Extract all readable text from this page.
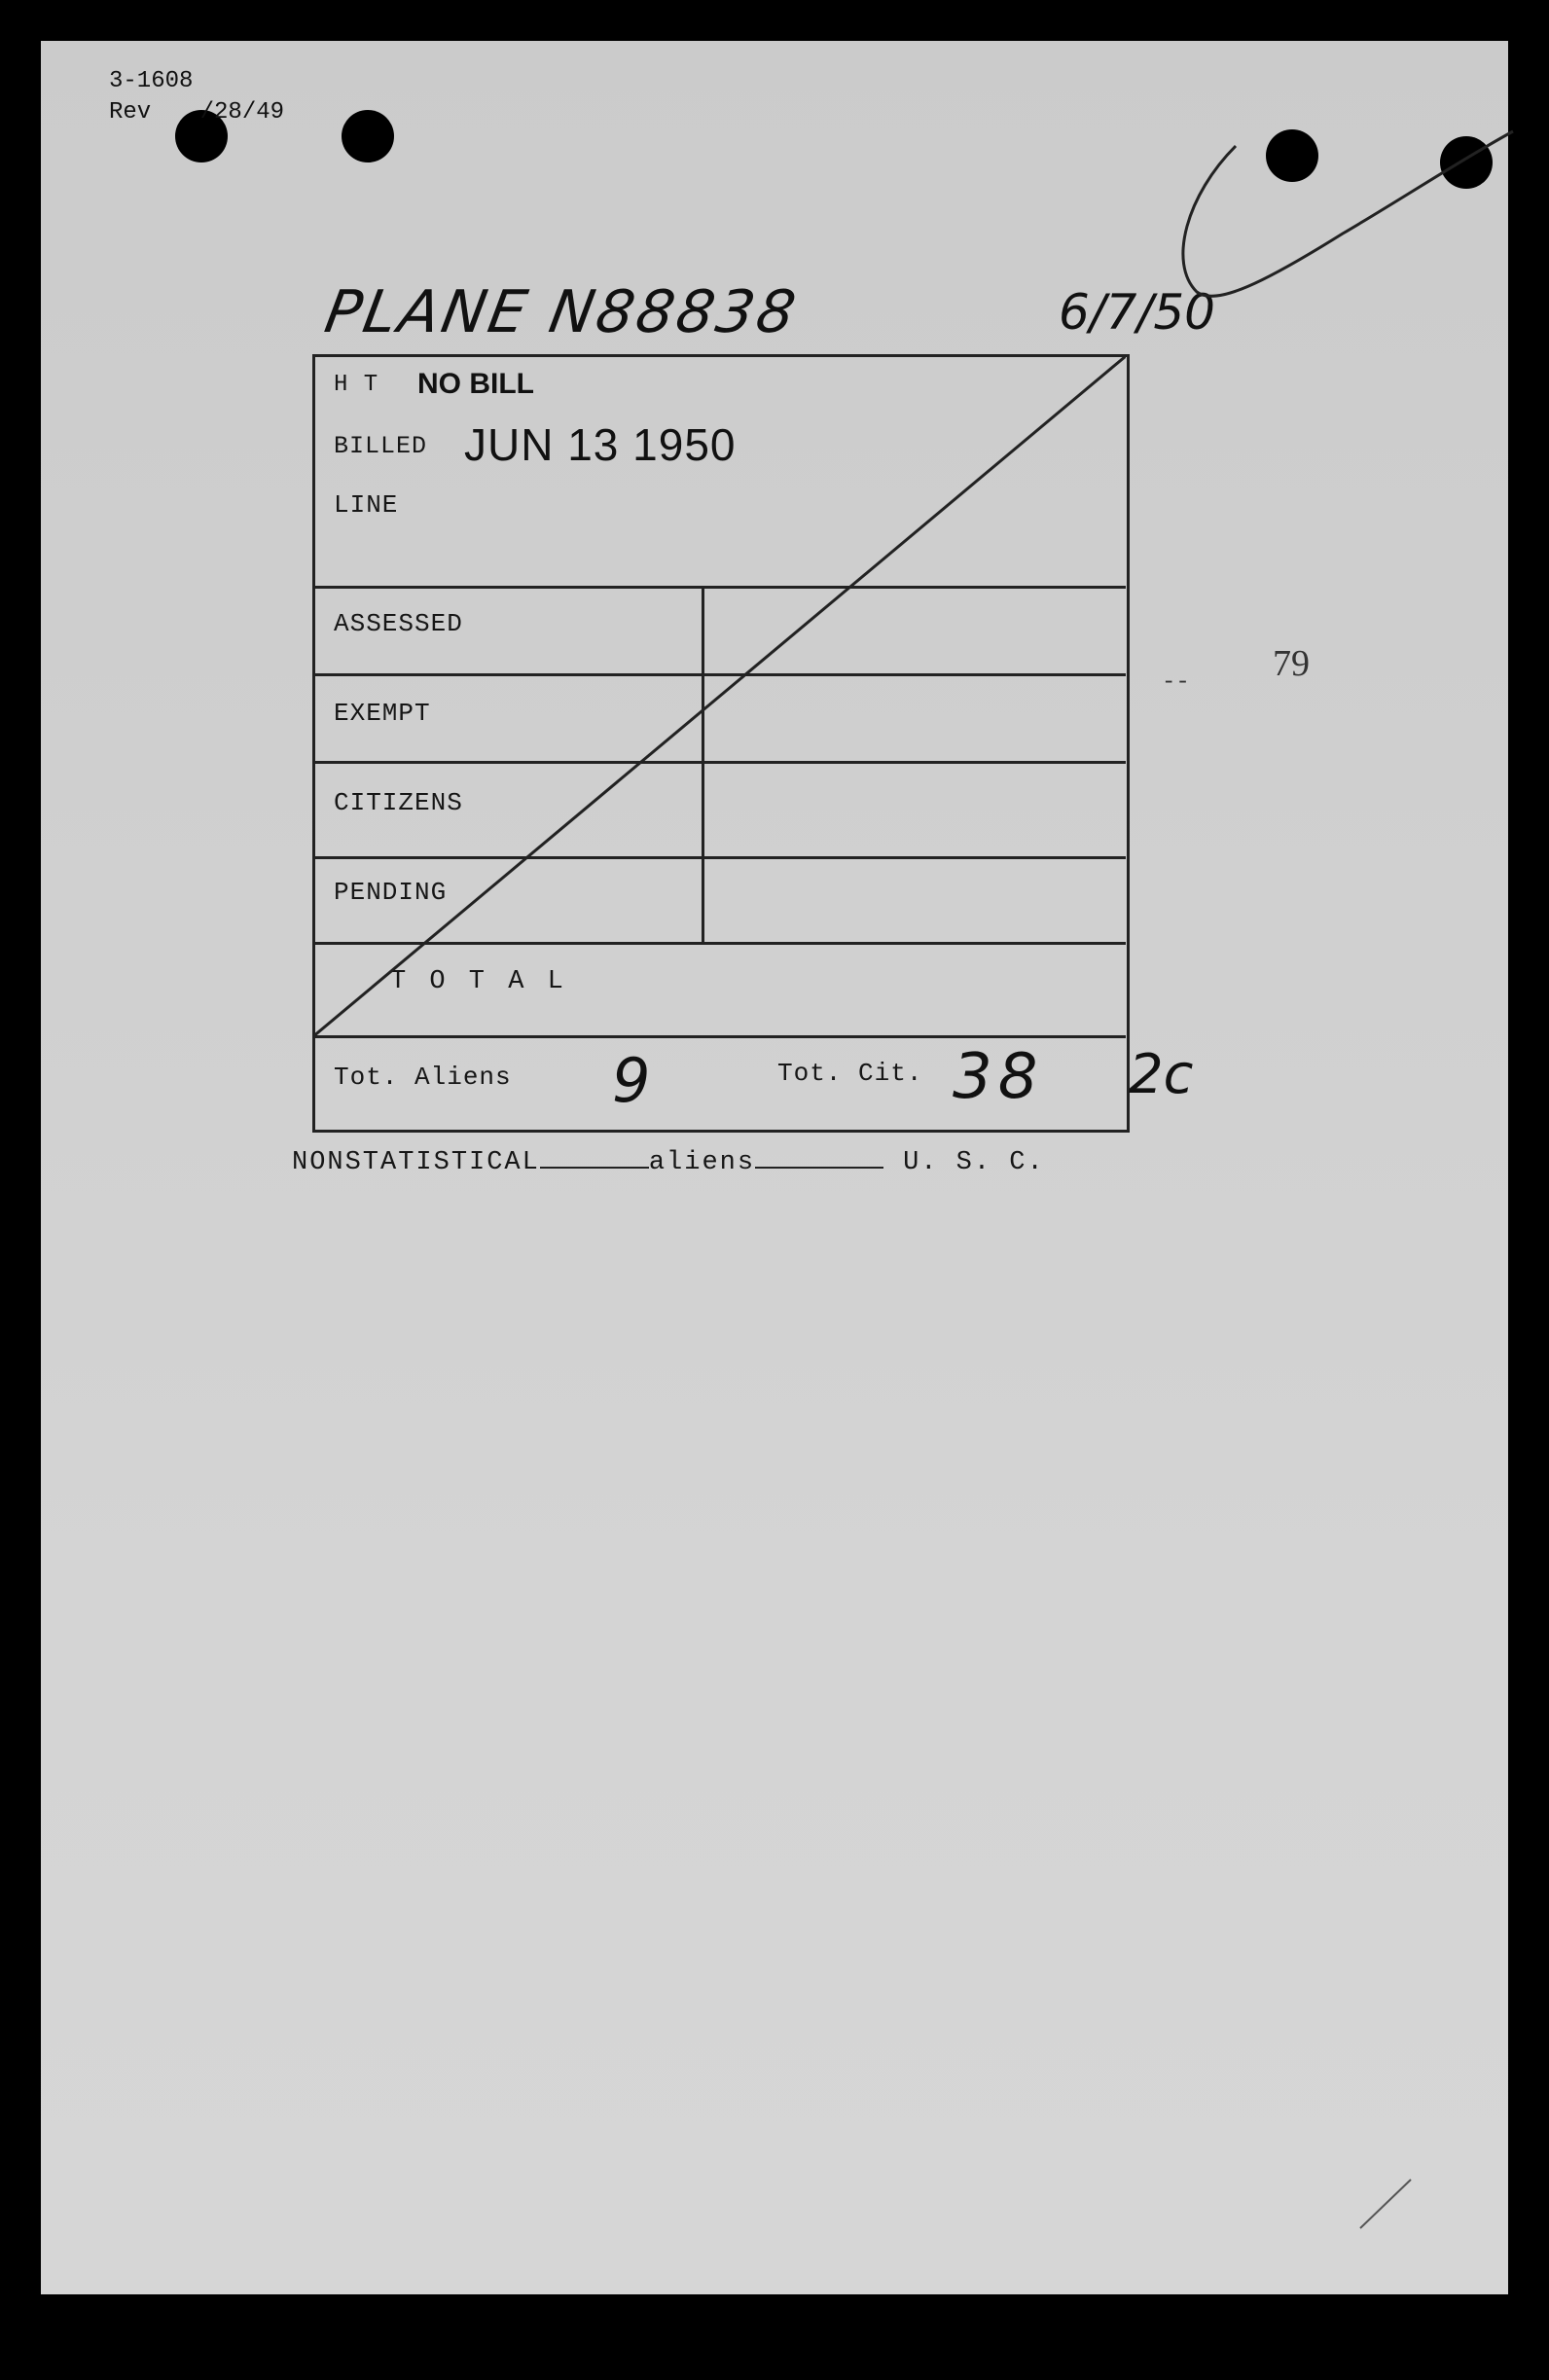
3-1608
Rev /28/49
PLANE N88838	6/7/50
H T NO BILL
BILLED JUN 13 1950
LINE
ASSESSED
EXEMPT
CITIZENS
PENDING
T O T A L
Tot. Aliens 9	Tot. Cit. 38 2c
-- 79
NONSTATISTICAL	aliens	U. S. C.
